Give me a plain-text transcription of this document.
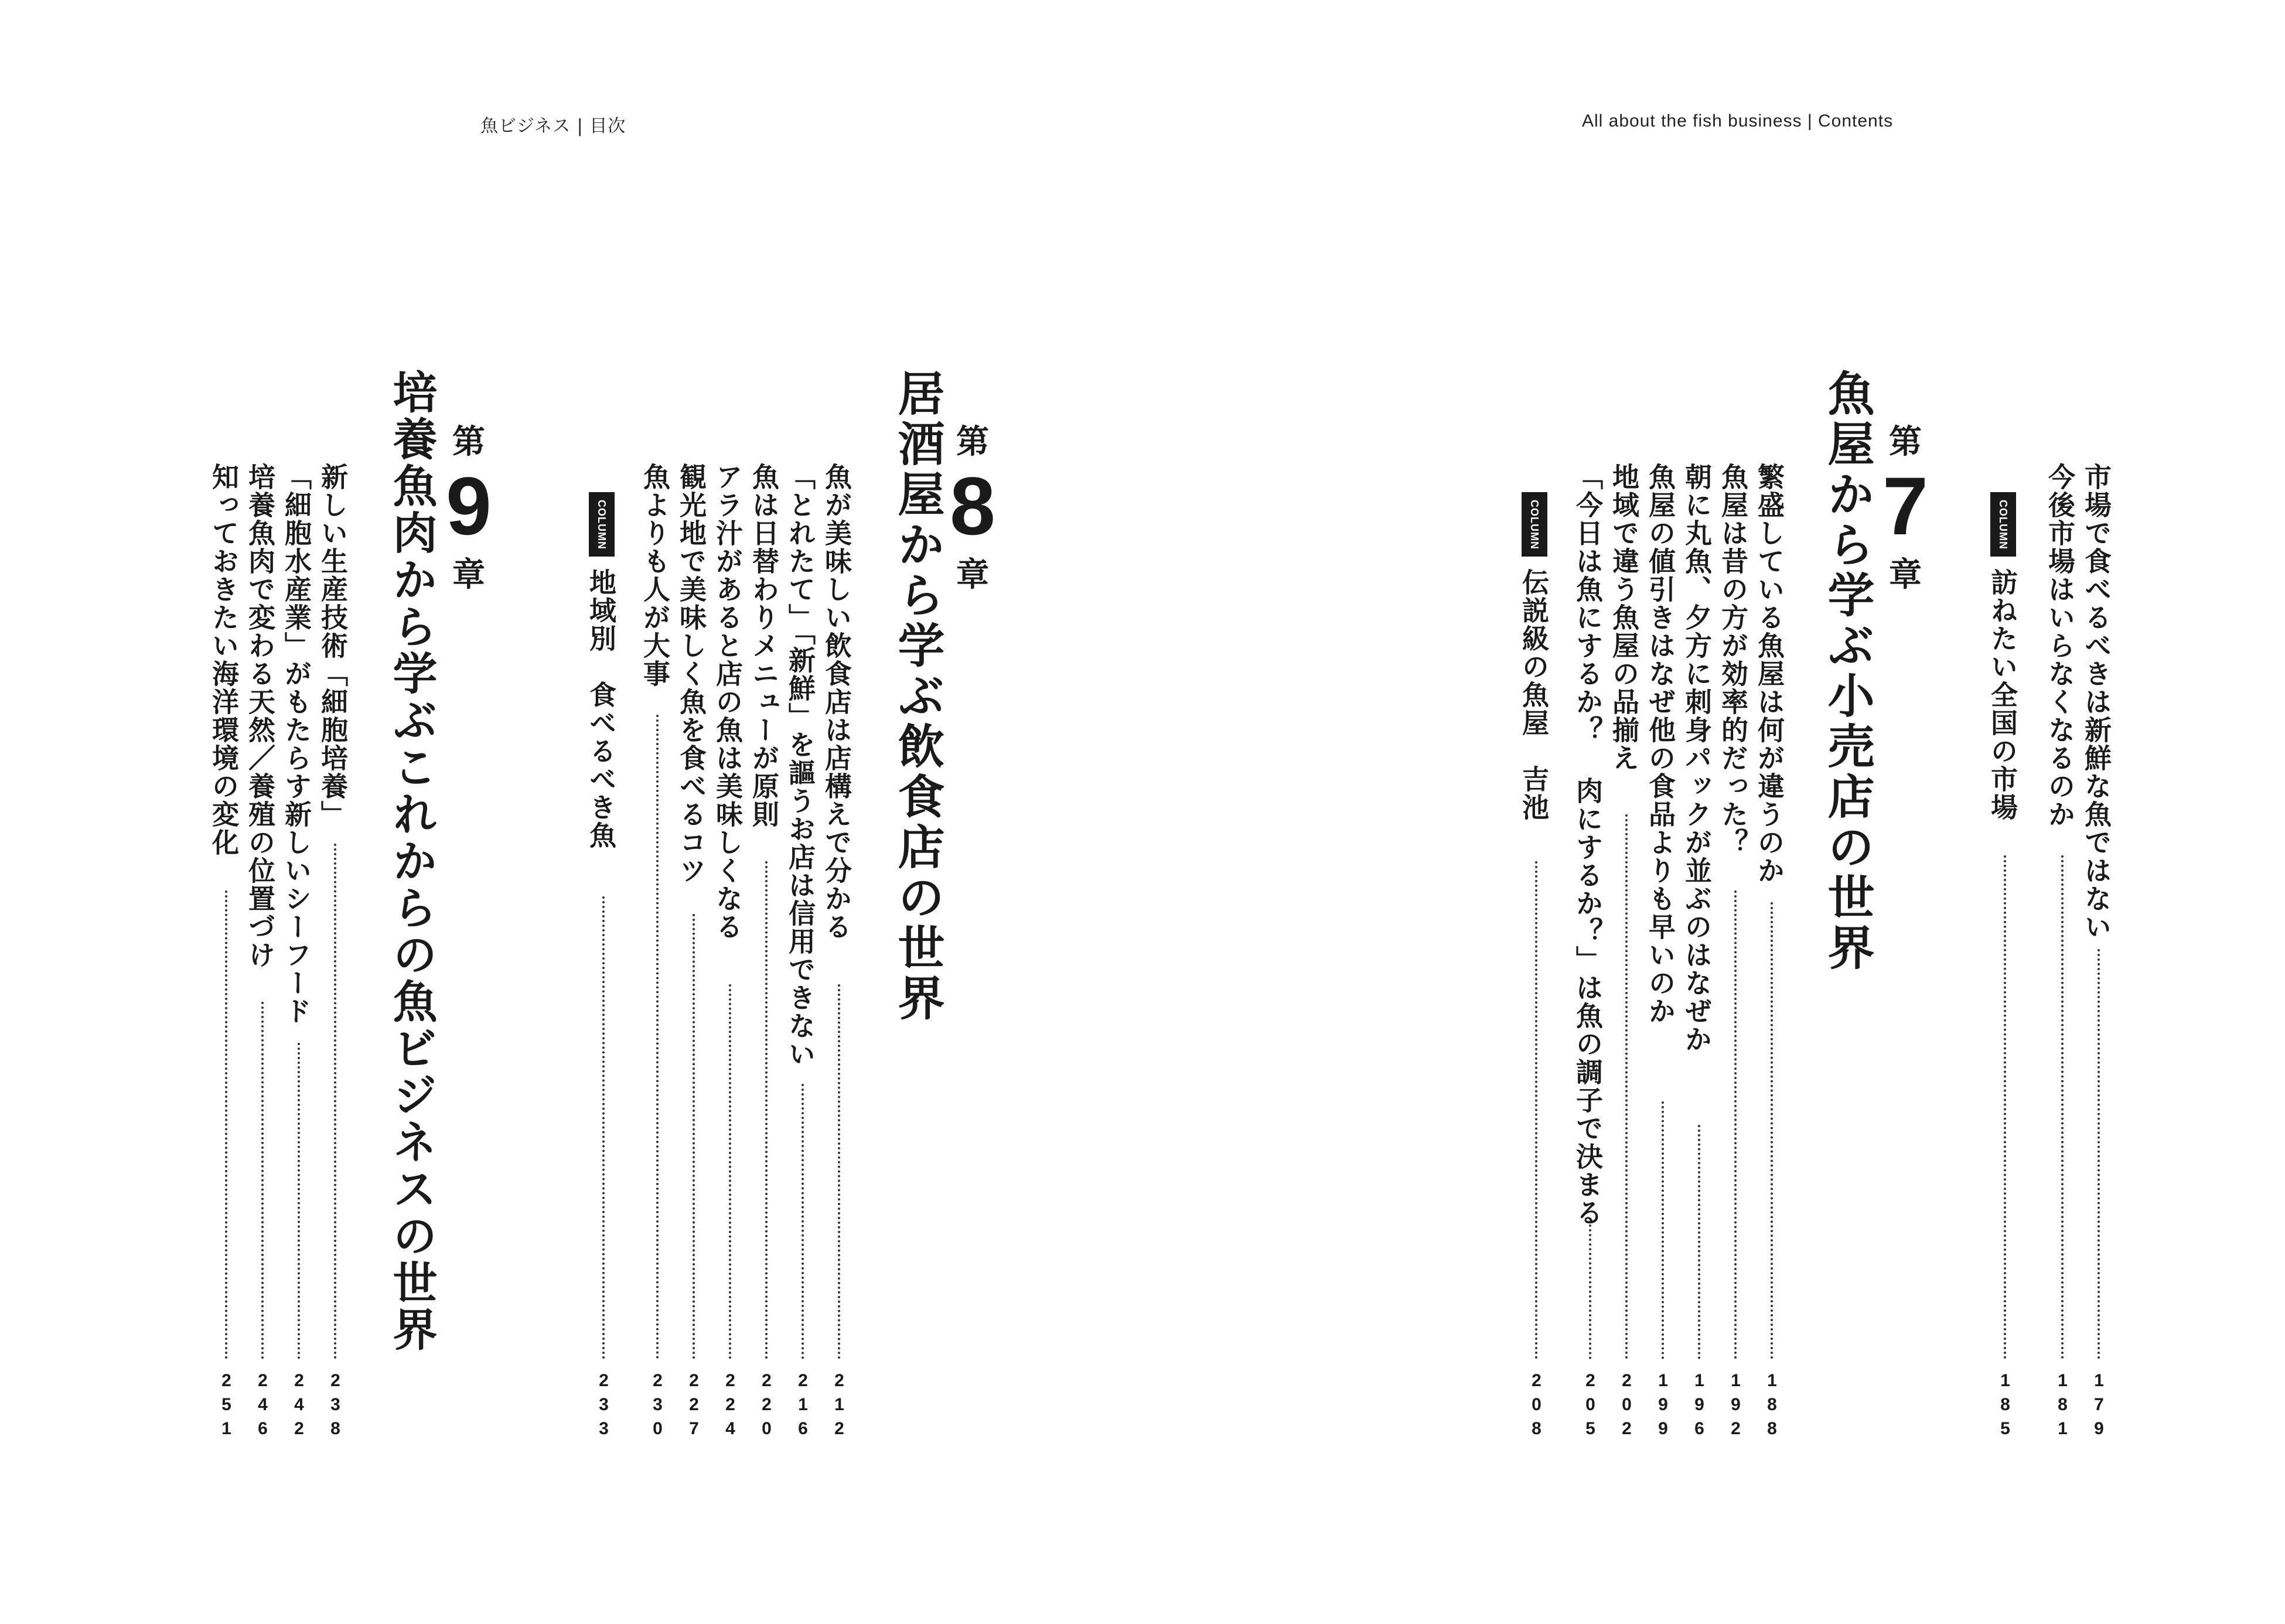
魚ビジネス | 目次	All about the fish business | Contents
市場で食べるべきは新鮮な魚ではない
179
今後市場はいらなくなるのか
181
COLUMN
訪ねたい全国の市場
185
第
7
章
魚屋から学ぶ小売店の世界
繁盛している魚屋は何が違うのか
188
魚屋は昔の方が効率的だった？
192
朝に丸魚、夕方に刺身パックが並ぶのはなぜか
196
魚屋の値引きはなぜ他の食品よりも早いのか
199
地域で違う魚屋の品揃え
202
「今日は魚にするか？ 肉にするか？」は魚の調子で決まる
205
COLUMN
伝説級の魚屋　吉池
208
第
8
章
居酒屋から学ぶ飲食店の世界
魚が美味しい飲食店は店構えで分かる
212
「とれたて」「新鮮」を謳うお店は信用できない
216
魚は日替わりメニューが原則
220
アラ汁があると店の魚は美味しくなる
224
観光地で美味しく魚を食べるコツ
227
魚よりも人が大事
230
COLUMN
地域別　食べるべき魚
233
第
9
章
培養魚肉から学ぶこれからの魚ビジネスの世界
新しい生産技術「細胞培養」
238
「細胞水産業」がもたらす新しいシーフード
242
培養魚肉で変わる天然／養殖の位置づけ
246
知っておきたい海洋環境の変化
251
